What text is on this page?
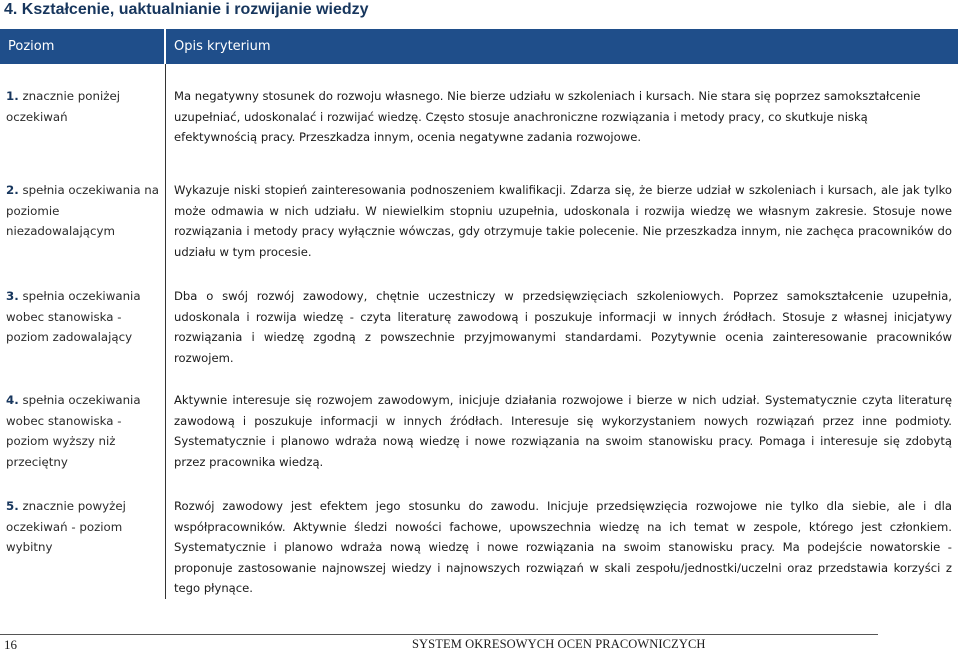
4. Kształcenie, uaktualnianie i rozwijanie wiedzy
Poziom	Opis kryterium

1. znacznie poniżej oczekiwań	Ma negatywny stosunek do rozwoju własnego. Nie bierze udziału w szkoleniach i kursach. Nie stara się poprzez samokształcenie uzupełniać, udoskonalać i rozwijać wiedzę. Często stosuje anachroniczne rozwiązania i metody pracy, co skutkuje niską efektywnością pracy. Przeszkadza innym, ocenia negatywne zadania rozwojowe.

2. spełnia oczekiwania na poziomie niezadowalającym	Wykazuje niski stopień zainteresowania podnoszeniem kwalifikacji. Zdarza się, że bierze udział w szkoleniach i kursach, ale jak tylko może odmawia w nich udziału. W niewielkim stopniu uzupełnia, udoskonala i rozwija wiedzę we własnym zakresie. Stosuje nowe rozwiązania i metody pracy wyłącznie wówczas, gdy otrzymuje takie polecenie. Nie przeszkadza innym, nie zachęca pracowników do udziału w tym procesie.

3. spełnia oczekiwania wobec stanowiska - poziom zadowalający	Dba o swój rozwój zawodowy, chętnie uczestniczy w przedsięwzięciach szkoleniowych. Poprzez samokształcenie uzupełnia, udoskonala i rozwija wiedzę - czyta literaturę zawodową i poszukuje informacji w innych źródłach. Stosuje z własnej inicjatywy rozwiązania i wiedzę zgodną z powszechnie przyjmowanymi standardami. Pozytywnie ocenia zainteresowanie pracowników rozwojem.

4. spełnia oczekiwania wobec stanowiska - poziom wyższy niż przeciętny	Aktywnie interesuje się rozwojem zawodowym, inicjuje działania rozwojowe i bierze w nich udział. Systematycznie czyta literaturę zawodową i poszukuje informacji w innych źródłach. Interesuje się wykorzystaniem nowych rozwiązań przez inne podmioty. Systematycznie i planowo wdraża nową wiedzę i nowe rozwiązania na swoim stanowisku pracy. Pomaga i interesuje się zdobytą przez pracownika wiedzą.

5. znacznie powyżej oczekiwań - poziom wybitny	Rozwój zawodowy jest efektem jego stosunku do zawodu. Inicjuje przedsięwzięcia rozwojowe nie tylko dla siebie, ale i dla współpracowników. Aktywnie śledzi nowości fachowe, upowszechnia wiedzę na ich temat w zespole, którego jest członkiem. Systematycznie i planowo wdraża nową wiedzę i nowe rozwiązania na swoim stanowisku pracy. Ma podejście nowatorskie - proponuje zastosowanie najnowszej wiedzy i najnowszych rozwiązań w skali zespołu/jednostki/uczelni oraz przedstawia korzyści z tego płynące.
16	SYSTEM OKRESOWYCH OCEN PRACOWNICZYCH
